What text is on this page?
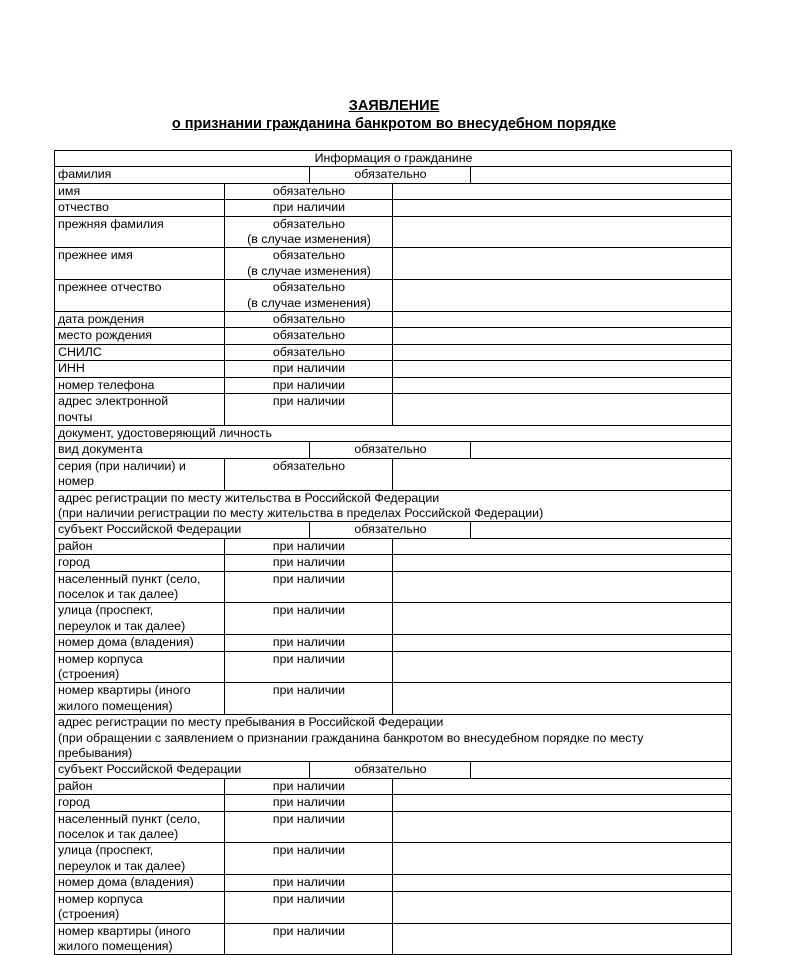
ЗАЯВЛЕНИЕ
о признании гражданина банкротом во внесудебном порядке
Информация о гражданине				
фамилия		обязательно		
имя	обязательно			
отчество	при наличии			
прежняя фамилия	обязательно
(в случае изменения)			
прежнее имя	обязательно
(в случае изменения)			
прежнее отчество	обязательно
(в случае изменения)			
дата рождения	обязательно			
место рождения	обязательно			
СНИЛС	обязательно			
ИНН	при наличии			
номер телефона	при наличии			
адрес электронной
почты	при наличии			
документ, удостоверяющий личность				
вид документа		обязательно		
серия (при наличии) и
номер	обязательно			
адрес регистрации по месту жительства в Российской Федерации
(при наличии регистрации по месту жительства в пределах Российской Федерации)				
субъект Российской Федерации		обязательно		
район	при наличии			
город	при наличии			
населенный пункт (село,
поселок и так далее)	при наличии			
улица (проспект,
переулок и так далее)	при наличии			
номер дома (владения)	при наличии			
номер корпуса
(строения)	при наличии			
номер квартиры (иного
жилого помещения)	при наличии			
адрес регистрации по месту пребывания в Российской Федерации
(при обращении с заявлением о признании гражданина банкротом во внесудебном порядке по месту
пребывания)				
субъект Российской Федерации		обязательно		
район	при наличии			
город	при наличии			
населенный пункт (село,
поселок и так далее)	при наличии			
улица (проспект,
переулок и так далее)	при наличии			
номер дома (владения)	при наличии			
номер корпуса
(строения)	при наличии			
номер квартиры (иного
жилого помещения)	при наличии			
